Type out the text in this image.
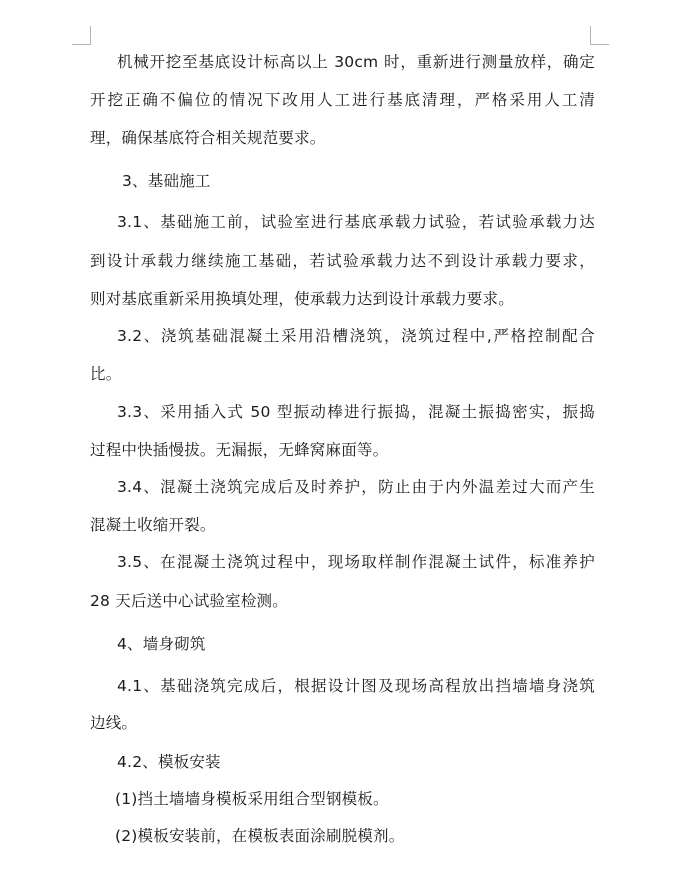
机械开挖至基底设计标高以上 30cm 时，重新进行测量放样，确定
开挖正确不偏位的情况下改用人工进行基底清理，严格采用人工清
理，确保基底符合相关规范要求。
3、基础施工
3.1、基础施工前，试验室进行基底承载力试验，若试验承载力达
到设计承载力继续施工基础，若试验承载力达不到设计承载力要求，
则对基底重新采用换填处理，使承载力达到设计承载力要求。
3.2、浇筑基础混凝土采用沿槽浇筑，浇筑过程中,严格控制配合
比。
3.3、采用插入式 50 型振动棒进行振捣，混凝土振捣密实，振捣
过程中快插慢拔。无漏振，无蜂窝麻面等。
3.4、混凝土浇筑完成后及时养护，防止由于内外温差过大而产生
混凝土收缩开裂。
3.5、在混凝土浇筑过程中，现场取样制作混凝土试件，标准养护
28 天后送中心试验室检测。
4、墙身砌筑
4.1、基础浇筑完成后，根据设计图及现场高程放出挡墙墙身浇筑
边线。
4.2、模板安装
(1)挡土墙墙身模板采用组合型钢模板。
(2)模板安装前，在模板表面涂刷脱模剂。
